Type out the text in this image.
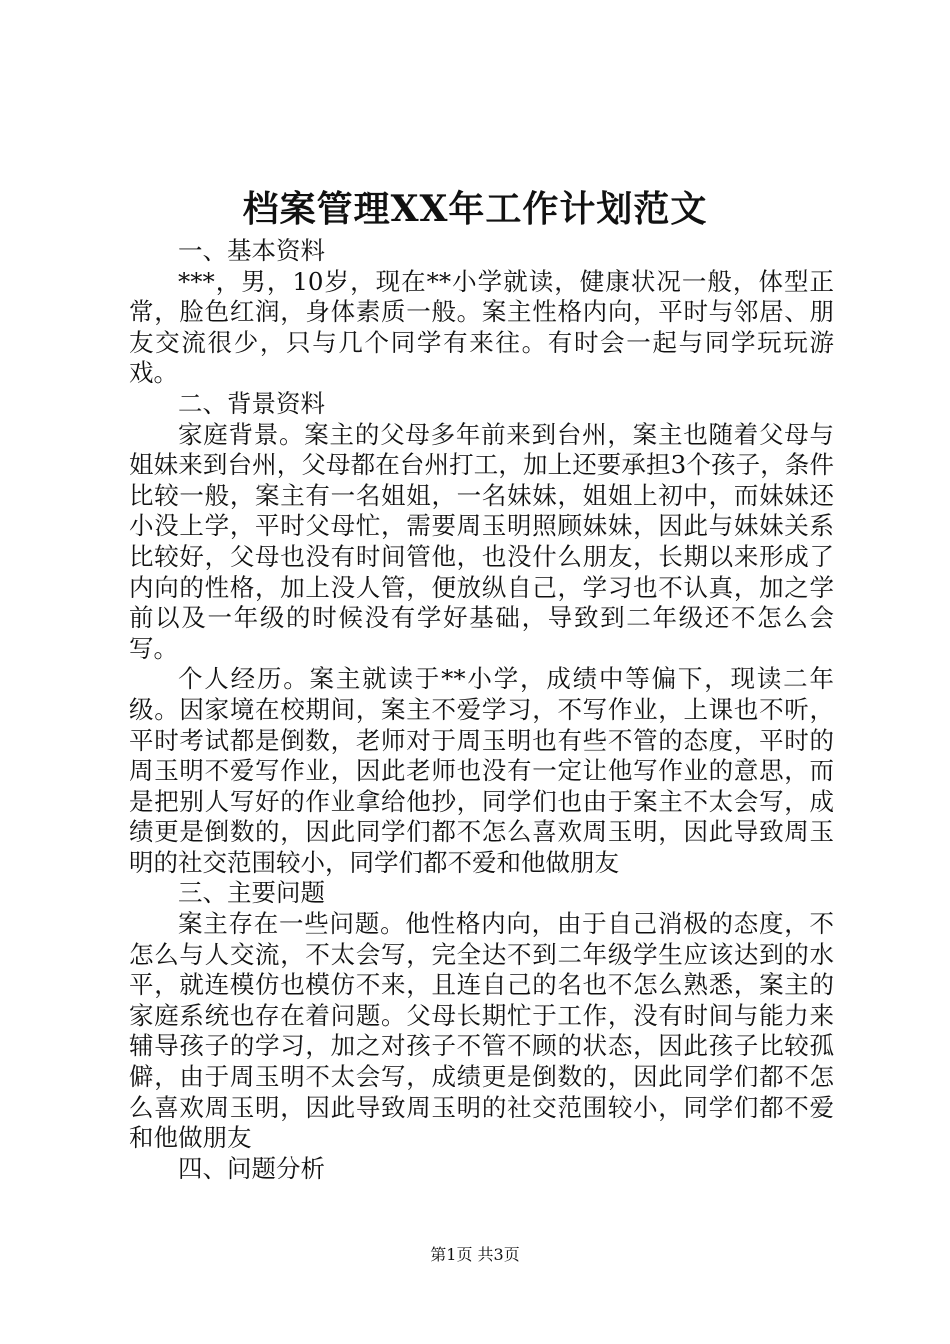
档案管理XX年工作计划范文

一、基本资料

***，男，10岁，现在**小学就读，健康状况一般，体型正常，脸色红润，身体素质一般。案主性格内向，平时与邻居、朋友交流很少，只与几个同学有来往。有时会一起与同学玩玩游戏。

二、背景资料

家庭背景。案主的父母多年前来到台州，案主也随着父母与姐妹来到台州，父母都在台州打工，加上还要承担3个孩子，条件比较一般，案主有一名姐姐，一名妹妹，姐姐上初中，而妹妹还小没上学，平时父母忙，需要周玉明照顾妹妹，因此与妹妹关系比较好，父母也没有时间管他，也没什么朋友，长期以来形成了内向的性格，加上没人管，便放纵自己，学习也不认真，加之学前以及一年级的时候没有学好基础，导致到二年级还不怎么会写。

个人经历。案主就读于**小学，成绩中等偏下，现读二年级。因家境在校期间，案主不爱学习，不写作业，上课也不听，平时考试都是倒数，老师对于周玉明也有些不管的态度，平时的周玉明不爱写作业，因此老师也没有一定让他写作业的意思，而是把别人写好的作业拿给他抄，同学们也由于案主不太会写，成绩更是倒数的，因此同学们都不怎么喜欢周玉明，因此导致周玉明的社交范围较小，同学们都不爱和他做朋友

三、主要问题

案主存在一些问题。他性格内向，由于自己消极的态度，不怎么与人交流，不太会写，完全达不到二年级学生应该达到的水平，就连模仿也模仿不来，且连自己的名也不怎么熟悉，案主的家庭系统也存在着问题。父母长期忙于工作，没有时间与能力来辅导孩子的学习，加之对孩子不管不顾的状态，因此孩子比较孤僻，由于周玉明不太会写，成绩更是倒数的，因此同学们都不怎么喜欢周玉明，因此导致周玉明的社交范围较小，同学们都不爱和他做朋友

四、问题分析

第1页 共3页
